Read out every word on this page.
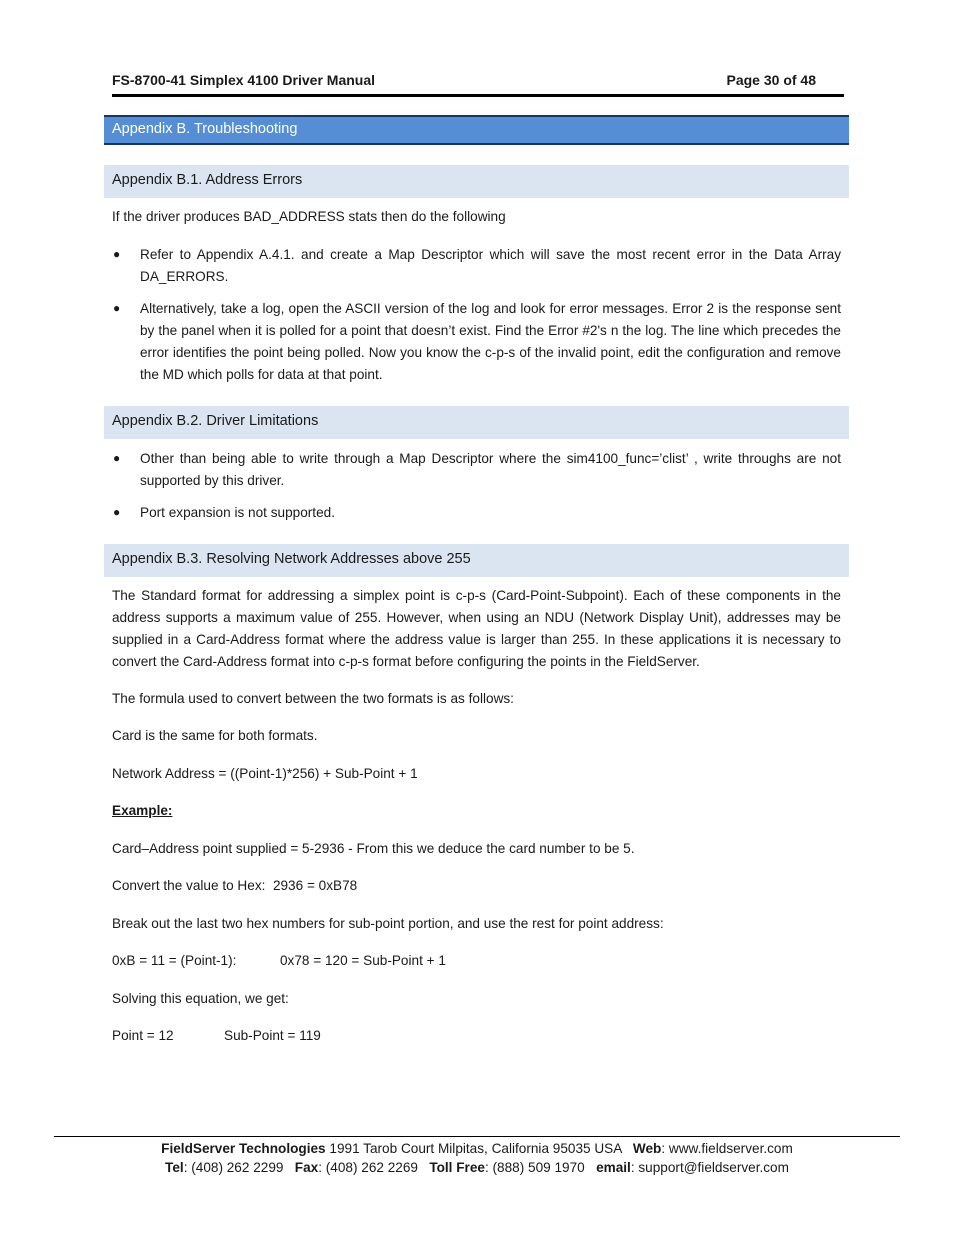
FS-8700-41 Simplex 4100 Driver Manual	Page 30 of 48
Appendix B. Troubleshooting
Appendix B.1. Address Errors
If the driver produces BAD_ADDRESS stats then do the following
● Refer to Appendix A.4.1. and create a Map Descriptor which will save the most recent error in the Data Array DA_ERRORS.
● Alternatively, take a log, open the ASCII version of the log and look for error messages. Error 2 is the response sent by the panel when it is polled for a point that doesn’t exist. Find the Error #2's n the log. The line which precedes the error identifies the point being polled. Now you know the c-p-s of the invalid point, edit the configuration and remove the MD which polls for data at that point.
Appendix B.2. Driver Limitations
● Other than being able to write through a Map Descriptor where the sim4100_func=’clist’ , write throughs are not supported by this driver.
● Port expansion is not supported.
Appendix B.3. Resolving Network Addresses above 255
The Standard format for addressing a simplex point is c-p-s (Card-Point-Subpoint). Each of these components in the address supports a maximum value of 255. However, when using an NDU (Network Display Unit), addresses may be supplied in a Card-Address format where the address value is larger than 255. In these applications it is necessary to convert the Card-Address format into c-p-s format before configuring the points in the FieldServer.
The formula used to convert between the two formats is as follows:
Card is the same for both formats.
Network Address = ((Point-1)*256) + Sub-Point + 1
Example:
Card–Address point supplied = 5-2936 - From this we deduce the card number to be 5.
Convert the value to Hex:  2936 = 0xB78
Break out the last two hex numbers for sub-point portion, and use the rest for point address:
0xB = 11 = (Point-1):	0x78 = 120 = Sub-Point + 1
Solving this equation, we get:
Point = 12	Sub-Point = 119
FieldServer Technologies 1991 Tarob Court Milpitas, California 95035 USA   Web: www.fieldserver.com
Tel: (408) 262 2299   Fax: (408) 262 2269   Toll Free: (888) 509 1970   email: support@fieldserver.com
